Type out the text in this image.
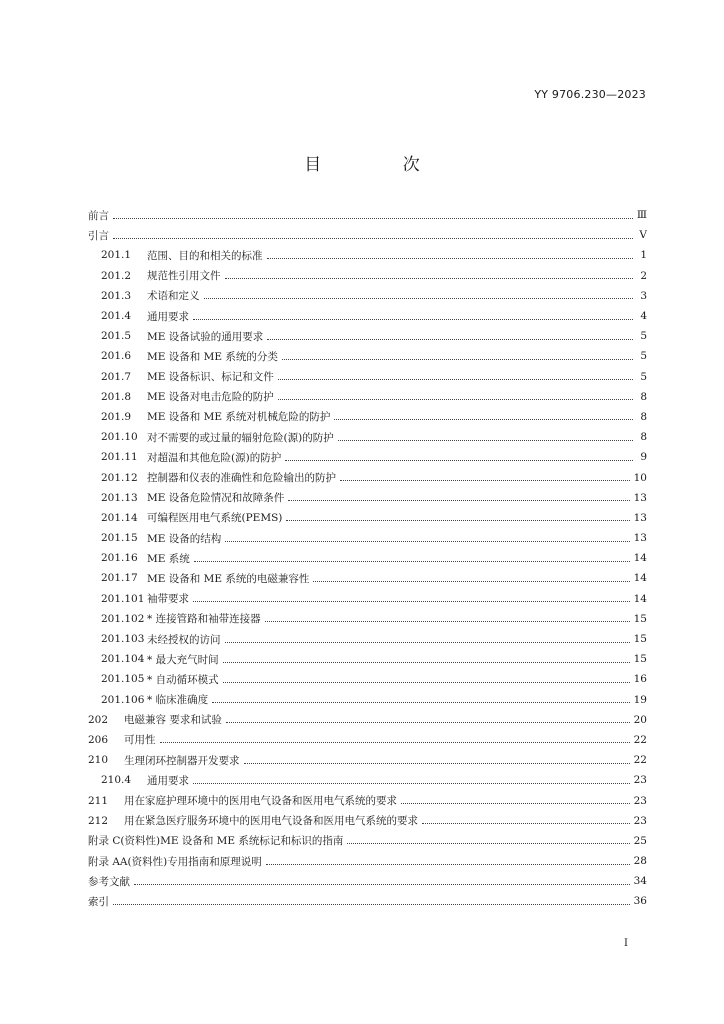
YY 9706.230—2023
目 次
前言	Ⅲ
引言	Ⅴ
201.1	范围、目的和相关的标准	1
201.2	规范性引用文件	2
201.3	术语和定义	3
201.4	通用要求	4
201.5	ME 设备试验的通用要求	5
201.6	ME 设备和 ME 系统的分类	5
201.7	ME 设备标识、标记和文件	5
201.8	ME 设备对电击危险的防护	8
201.9	ME 设备和 ME 系统对机械危险的防护	8
201.10 对不需要的或过量的辐射危险(源)的防护	8
201.11 对超温和其他危险(源)的防护	9
201.12 控制器和仪表的准确性和危险输出的防护	10
201.13 ME 设备危险情况和故障条件	13
201.14 可编程医用电气系统(PEMS)	13
201.15 ME 设备的结构	13
201.16 ME 系统	14
201.17 ME 设备和 ME 系统的电磁兼容性	14
201.101 袖带要求	14
201.102 * 连接管路和袖带连接器	15
201.103 未经授权的访问	15
201.104 * 最大充气时间	15
201.105 * 自动循环模式	16
201.106 * 临床准确度	19
202	电磁兼容 要求和试验	20
206	可用性	22
210	生理闭环控制器开发要求	22
210.4	通用要求	23
211	用在家庭护理环境中的医用电气设备和医用电气系统的要求	23
212	用在紧急医疗服务环境中的医用电气设备和医用电气系统的要求	23
附录 C(资料性) ME 设备和 ME 系统标记和标识的指南	25
附录 AA(资料性) 专用指南和原理说明	28
参考文献	34
索引	36
I
